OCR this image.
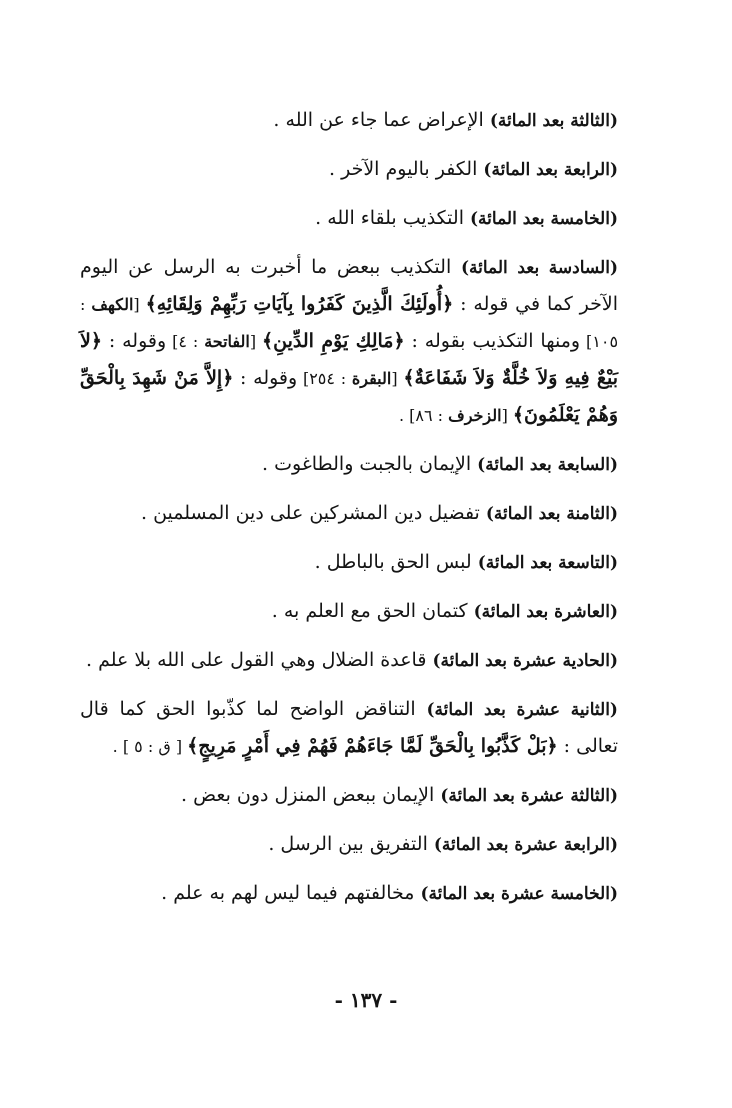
(الثالثة بعد المائة) الإعراض عما جاء عن الله .

(الرابعة بعد المائة) الكفر باليوم الآخر .

(الخامسة بعد المائة) التكذيب بلقاء الله .

(السادسة بعد المائة) التكذيب ببعض ما أخبرت به الرسل عن اليوم الآخر كما في قوله : ﴿أُولَئِكَ الَّذِينَ كَفَرُوا بِآيَاتِ رَبِّهِمْ وَلِقَائِهِ﴾ [الكهف : ١٠٥] ومنها التكذيب بقوله : ﴿مَالِكِ يَوْمِ الدِّينِ﴾ [الفاتحة : ٤] وقوله : ﴿لاَ بَيْعٌ فِيهِ وَلاَ خُلَّةٌ وَلاَ شَفَاعَةٌ﴾ [البقرة : ٢٥٤] وقوله : ﴿إِلاَّ مَنْ شَهِدَ بِالْحَقِّ وَهُمْ يَعْلَمُونَ﴾ [الزخرف : ٨٦] .

(السابعة بعد المائة) الإيمان بالجبت والطاغوت .

(الثامنة بعد المائة) تفضيل دين المشركين على دين المسلمين .

(التاسعة بعد المائة) لبس الحق بالباطل .

(العاشرة بعد المائة) كتمان الحق مع العلم به .

(الحادية عشرة بعد المائة) قاعدة الضلال وهي القول على الله بلا علم .

(الثانية عشرة بعد المائة) التناقض الواضح لما كذّبوا الحق كما قال تعالى : ﴿بَلْ كَذَّبُوا بِالْحَقِّ لَمَّا جَاءَهُمْ فَهُمْ فِي أَمْرٍ مَرِيجٍ﴾ [ ق : ٥ ] .

(الثالثة عشرة بعد المائة) الإيمان ببعض المنزل دون بعض .

(الرابعة عشرة بعد المائة) التفريق بين الرسل .

(الخامسة عشرة بعد المائة) مخالفتهم فيما ليس لهم به علم .

- ١٣٧ -
